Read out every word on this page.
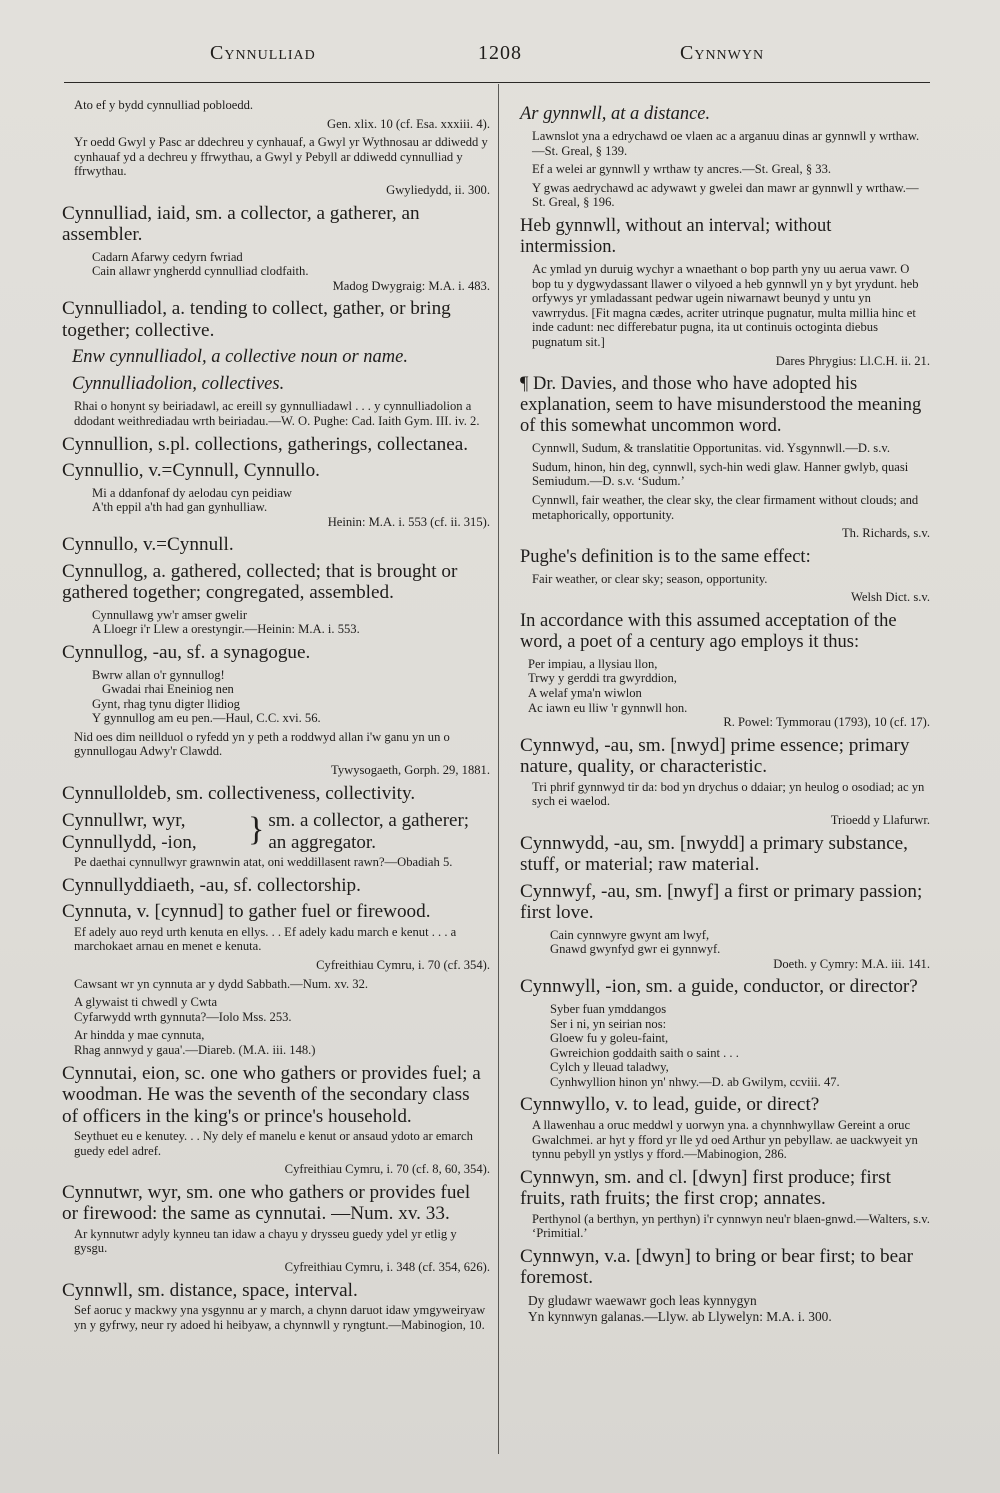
Cynnulliad	1208	Cynnwyn
Ato ef y bydd cynnulliad pobloedd.
Gen. xlix. 10 (cf. Esa. xxxiii. 4).
Yr oedd Gwyl y Pasc ar ddechreu y cynhauaf, a Gwyl yr Wythnosau ar ddiwedd y cynhauaf yd a dechreu y ffrwythau, a Gwyl y Pebyll ar ddiwedd cynnulliad y ffrwythau.
Gwyliedydd, ii. 300.
Cynnulliad, iaid, sm. a collector, a gatherer, an assembler.
Cadarn Afarwy cedyrn fwriad
Cain allawr yngherdd cynnulliad clodfaith.
Madog Dwygraig: M.A. i. 483.
Cynnulliadol, a. tending to collect, gather, or bring together; collective.
Enw cynnulliadol, a collective noun or name.
Cynnulliadolion, collectives.
Rhai o honynt sy beiriadawl, ac ereill sy gynnulliadawl . . . y cynnulliadolion a ddodant weithrediadau wrth beiriadau.—W. O. Pughe: Cad. Iaith Gym. III. iv. 2.
Cynnullion, s.pl. collections, gatherings, collectanea.
Cynnullio, v.=Cynnull, Cynnullo.
Mi a ddanfonaf dy aelodau cyn peidiaw
A'th eppil a'th had gan gynhulliaw.
Heinin: M.A. i. 553 (cf. ii. 315).
Cynnullo, v.=Cynnull.
Cynnullog, a. gathered, collected; that is brought or gathered together; congregated, assembled.
Cynnullawg yw'r amser gwelir
A Lloegr i'r Llew a orestyngir.—Heinin: M.A. i. 553.
Cynnullog, -au, sf. a synagogue.
Bwrw allan o'r gynnullog!
Gwadai rhai Eneiniog nen
Gynt, rhag tynu digter llidiog
Y gynnullog am eu pen.—Haul, C.C. xvi. 56.
Nid oes dim neillduol o ryfedd yn y peth a roddwyd allan i'w ganu yn un o gynnullogau Adwy'r Clawdd.
Tywysogaeth, Gorph. 29, 1881.
Cynnulloldeb, sm. collectiveness, collectivity.
Cynnullwr, wyr,
Cynnullydd, -ion,	} sm. a collector, a gatherer;
an aggregator.
Pe daethai cynnullwyr grawnwin atat, oni weddillasent rawn?—Obadiah 5.
Cynnullyddiaeth, -au, sf. collectorship.
Cynnuta, v. [cynnud] to gather fuel or firewood.
Ef adely auo reyd urth kenuta en ellys. . . Ef adely kadu march e kenut . . . a marchokaet arnau en menet e kenuta.
Cyfreithiau Cymru, i. 70 (cf. 354).
Cawsant wr yn cynnuta ar y dydd Sabbath.—Num. xv. 32.
A glywaist ti chwedl y Cwta
Cyfarwydd wrth gynnuta?—Iolo Mss. 253.
Ar hindda y mae cynnuta,
Rhag annwyd y gaua'.—Diareb. (M.A. iii. 148.)
Cynnutai, eion, sc. one who gathers or provides fuel; a woodman. He was the seventh of the secondary class of officers in the king's or prince's household.
Seythuet eu e kenutey. . . Ny dely ef manelu e kenut or ansaud ydoto ar emarch guedy edel adref.
Cyfreithiau Cymru, i. 70 (cf. 8, 60, 354).
Cynnutwr, wyr, sm. one who gathers or provides fuel or firewood: the same as cynnutai. —Num. xv. 33.
Ar kynnutwr adyly kynneu tan idaw a chayu y drysseu guedy ydel yr etlig y gysgu.
Cyfreithiau Cymru, i. 348 (cf. 354, 626).
Cynnwll, sm. distance, space, interval.
Sef aoruc y mackwy yna ysgynnu ar y march, a chynn daruot idaw ymgyweiryaw yn y gyfrwy, neur ry adoed hi heibyaw, a chynnwll y ryngtunt.—Mabinogion, 10.
Ar gynnwll, at a distance.
Lawnslot yna a edrychawd oe vlaen ac a arganuu dinas ar gynnwll y wrthaw.—St. Greal, § 139.
Ef a welei ar gynnwll y wrthaw ty ancres.—St. Greal, § 33.
Y gwas aedrychawd ac adywawt y gwelei dan mawr ar gynnwll y wrthaw.—St. Greal, § 196.
Heb gynnwll, without an interval; without intermission.
Ac ymlad yn duruig wychyr a wnaethant o bop parth yny uu aerua vawr. O bop tu y dygwydassant llawer o vilyoed a heb gynnwll yn y byt yrydunt. heb orfywys yr ymladassant pedwar ugein niwarnawt beunyd y untu yn vawrrydus. [Fit magna cædes, acriter utrinque pugnatur, multa millia hinc et inde cadunt: nec differebatur pugna, ita ut continuis octoginta diebus pugnatum sit.]
Dares Phrygius: Ll.C.H. ii. 21.
¶ Dr. Davies, and those who have adopted his explanation, seem to have misunderstood the meaning of this somewhat uncommon word.
Cynnwll, Sudum, & translatitie Opportunitas. vid. Ysgynnwll.—D. s.v.
Sudum, hinon, hin deg, cynnwll, sych-hin wedi glaw. Hanner gwlyb, quasi Semiudum.—D. s.v. ‘Sudum.’
Cynnwll, fair weather, the clear sky, the clear firmament without clouds; and metaphorically, opportunity.
Th. Richards, s.v.
Pughe's definition is to the same effect:
Fair weather, or clear sky; season, opportunity.
Welsh Dict. s.v.
In accordance with this assumed acceptation of the word, a poet of a century ago employs it thus:
Per impiau, a llysiau llon,
Trwy y gerddi tra gwyrddion,
A welaf yma'n wiwlon
Ac iawn eu lliw 'r gynnwll hon.
R. Powel: Tymmorau (1793), 10 (cf. 17).
Cynnwyd, -au, sm. [nwyd] prime essence; primary nature, quality, or characteristic.
Tri phrif gynnwyd tir da: bod yn drychus o ddaiar; yn heulog o osodiad; ac yn sych ei waelod.
Trioedd y Llafurwr.
Cynnwydd, -au, sm. [nwydd] a primary substance, stuff, or material; raw material.
Cynnwyf, -au, sm. [nwyf] a first or primary passion; first love.
Cain cynnwyre gwynt am lwyf,
Gnawd gwynfyd gwr ei gynnwyf.
Doeth. y Cymry: M.A. iii. 141.
Cynnwyll, -ion, sm. a guide, conductor, or director?
Syber fuan ymddangos
Ser i ni, yn seirian nos:
Gloew fu y goleu-faint,
Gwreichion goddaith saith o saint . . .
Cylch y lleuad taladwy,
Cynhwyllion hinon yn' nhwy.—D. ab Gwilym, ccviii. 47.
Cynnwyllo, v. to lead, guide, or direct?
A llawenhau a oruc meddwl y uorwyn yna. a chynnhwyllaw Gereint a oruc Gwalchmei. ar hyt y fford yr lle yd oed Arthur yn pebyllaw. ae uackwyeit yn tynnu pebyll yn ystlys y fford.—Mabinogion, 286.
Cynnwyn, sm. and cl. [dwyn] first produce; first fruits, rath fruits; the first crop; annates.
Perthynol (a berthyn, yn perthyn) i'r cynnwyn neu'r blaen-gnwd.—Walters, s.v. ‘Primitial.’
Cynnwyn, v.a. [dwyn] to bring or bear first; to bear foremost.
Dy gludawr waewawr goch leas kynnygyn
Yn kynnwyn galanas.—Llyw. ab Llywelyn: M.A. i. 300.
